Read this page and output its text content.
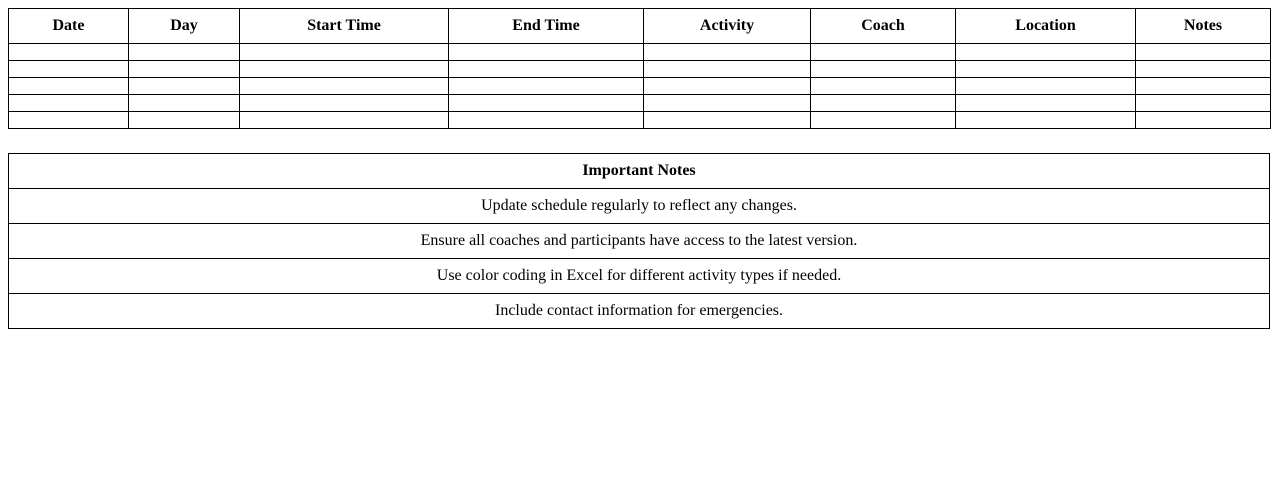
Date	Day	Start Time	End Time	Activity	Coach	Location	Notes

Important Notes
Update schedule regularly to reflect any changes.
Ensure all coaches and participants have access to the latest version.
Use color coding in Excel for different activity types if needed.
Include contact information for emergencies.
